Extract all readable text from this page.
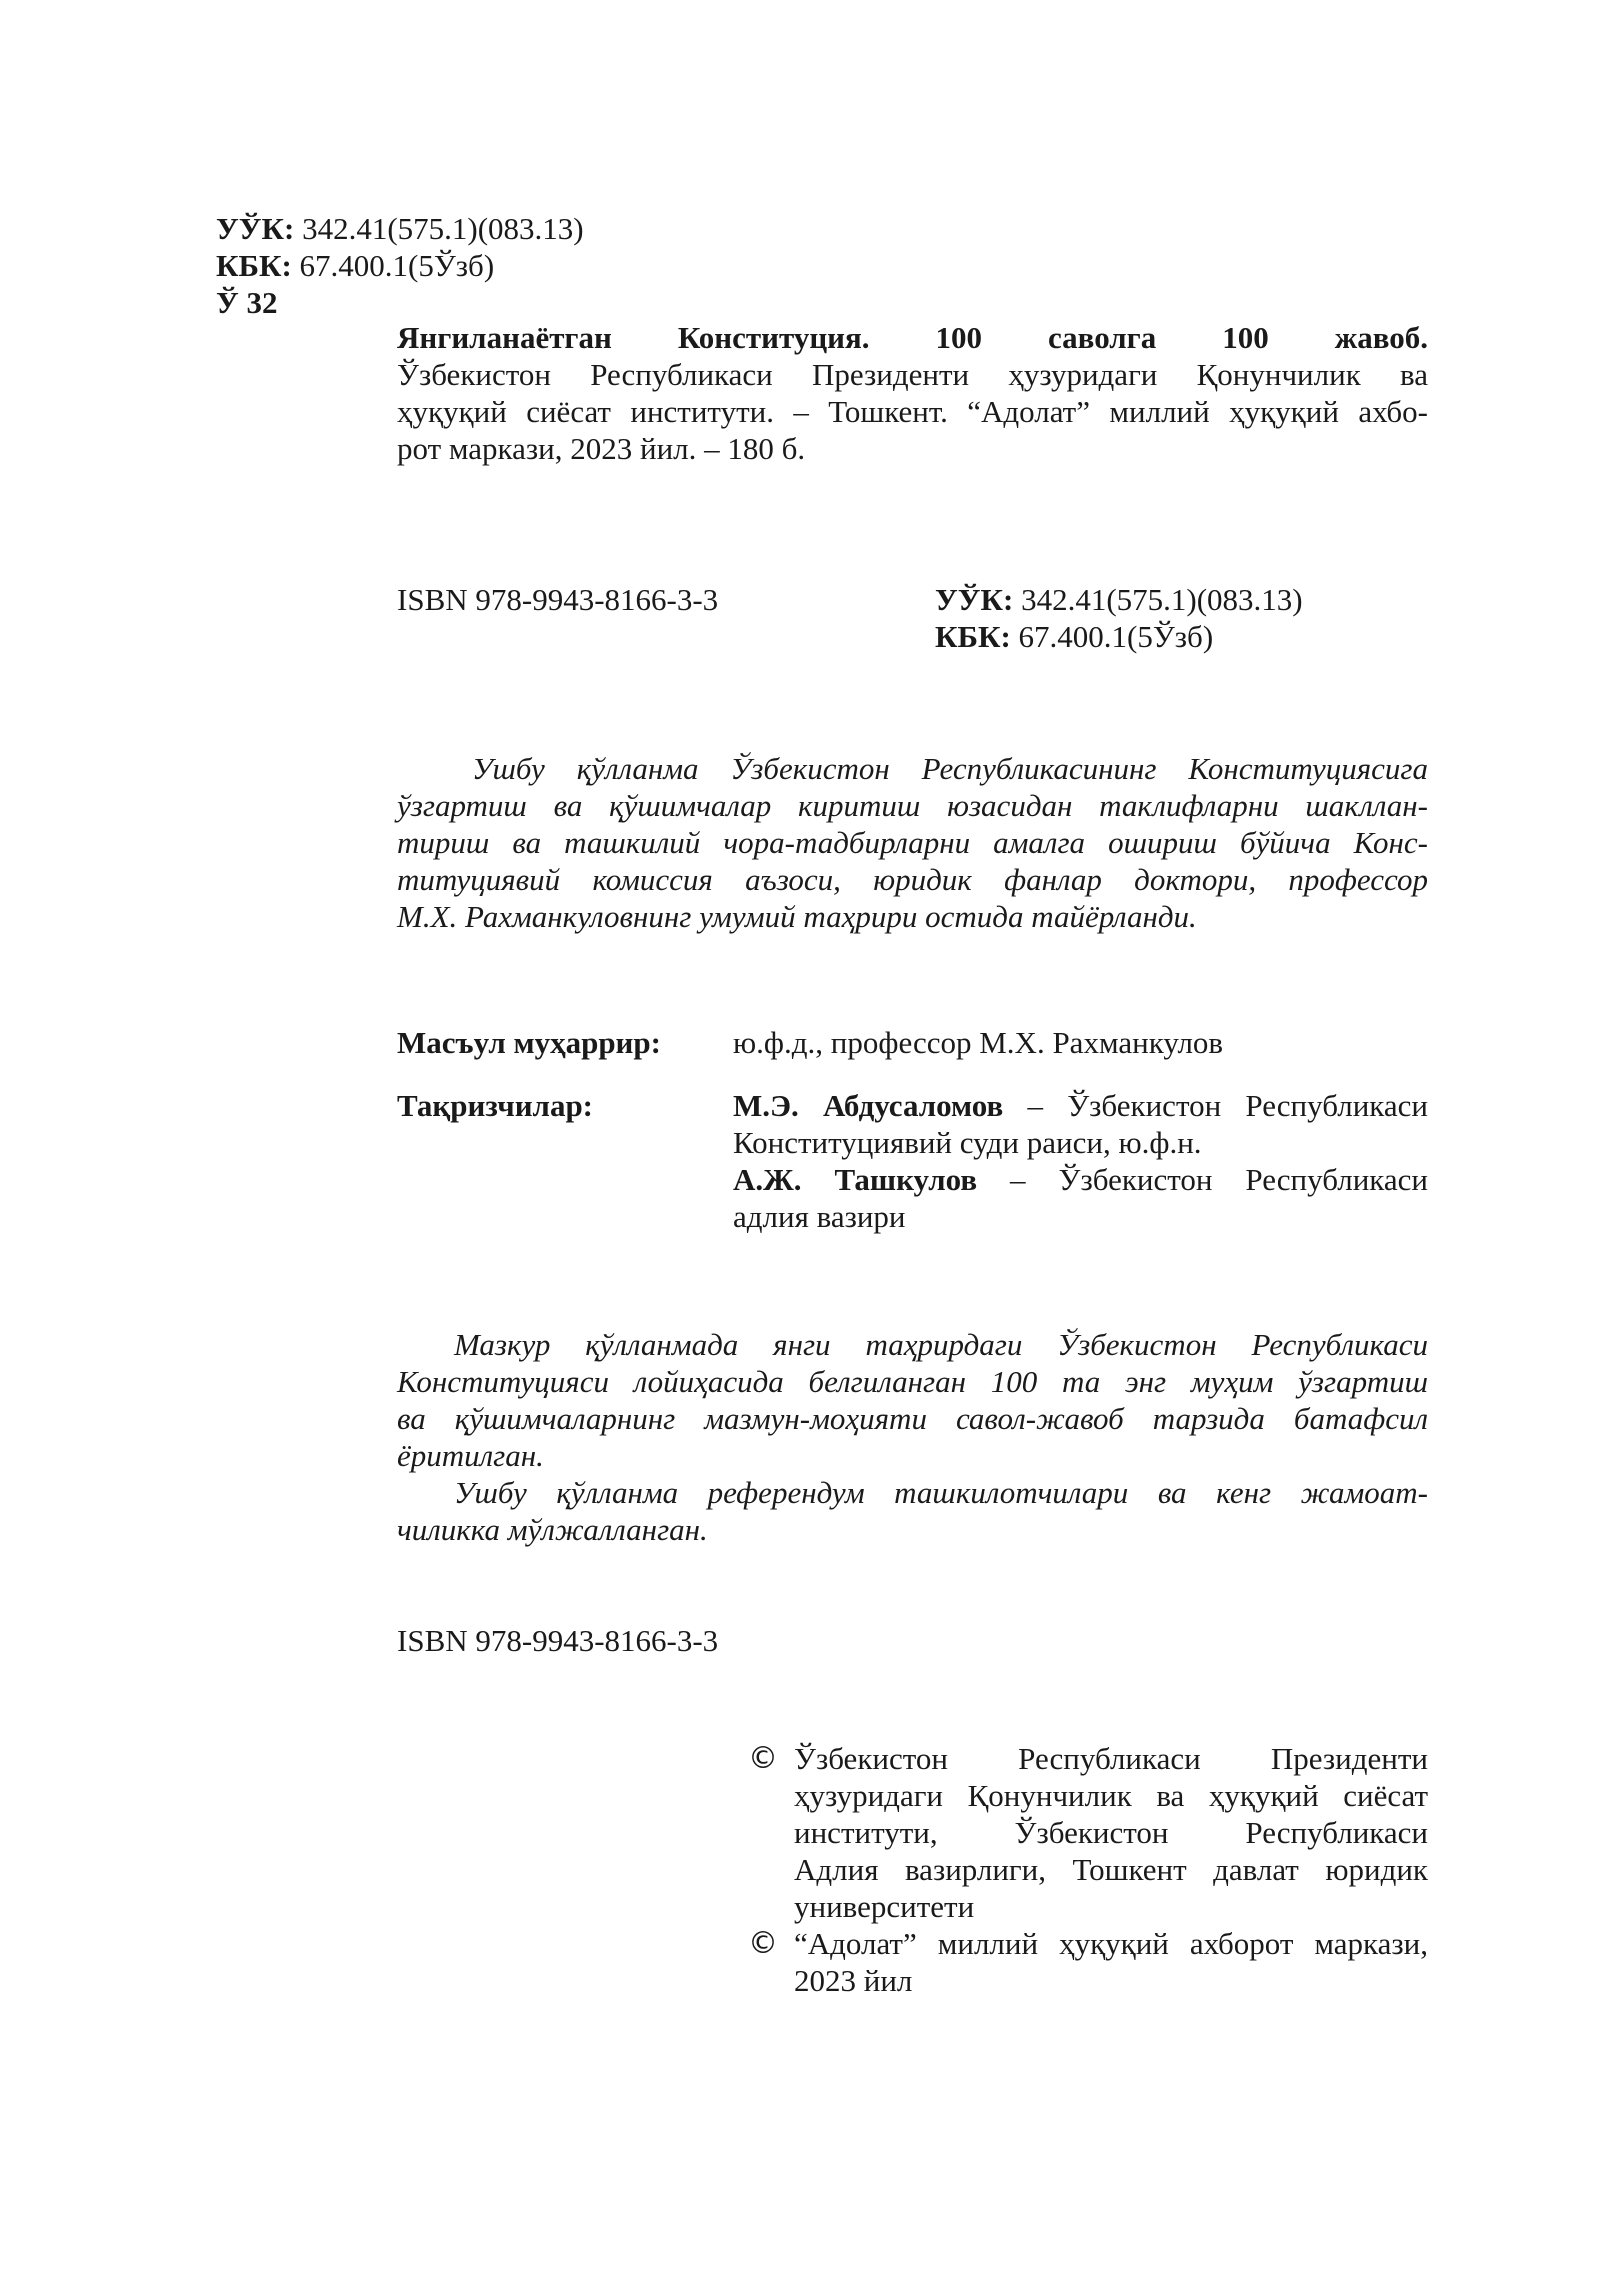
УЎК: 342.41(575.1)(083.13)
КБК: 67.400.1(5Ўзб)
Ў 32
Янгиланаётган Конституция. 100 саволга 100 жавоб.
Ўзбекистон Республикаси Президенти ҳузуридаги Қонунчилик ва
ҳуқуқий сиёсат институти. – Тошкент. “Адолат” миллий ҳуқуқий ахбо-
рот маркази, 2023 йил. – 180 б.
ISBN 978-9943-8166-3-3	УЎК: 342.41(575.1)(083.13)
КБК: 67.400.1(5Ўзб)
Ушбу қўлланма Ўзбекистон Республикасининг Конституциясига
ўзгартиш ва қўшимчалар киритиш юзасидан таклифларни шакллан-
тириш ва ташкилий чора-тадбирларни амалга ошириш бўйича Конс-
титуциявий комиссия аъзоси, юридик фанлар доктори, профессор
М.Х. Рахманкуловнинг умумий таҳрири остида тайёрланди.
Масъул муҳаррир: ю.ф.д., профессор М.Х. Рахманкулов
Тақризчилар:	М.Э. Абдусаломов – Ўзбекистон Республикаси
Конституциявий суди раиси, ю.ф.н.
А.Ж. Ташкулов – Ўзбекистон Республикаси
адлия вазири
Мазкур қўлланмада янги таҳрирдаги Ўзбекистон Республикаси
Конституцияси лойиҳасида белгиланган 100 та энг муҳим ўзгартиш
ва қўшимчаларнинг мазмун-моҳияти савол-жавоб тарзида батафсил
ёритилган.
Ушбу қўлланма референдум ташкилотчилари ва кенг жамоат-
чиликка мўлжалланган.
ISBN 978-9943-8166-3-3
© Ўзбекистон Республикаси Президенти
ҳузуридаги Қонунчилик ва ҳуқуқий сиёсат
институти, Ўзбекистон Республикаси
Адлия вазирлиги, Тошкент давлат юридик
университети
© “Адолат” миллий ҳуқуқий ахборот маркази,
2023 йил
